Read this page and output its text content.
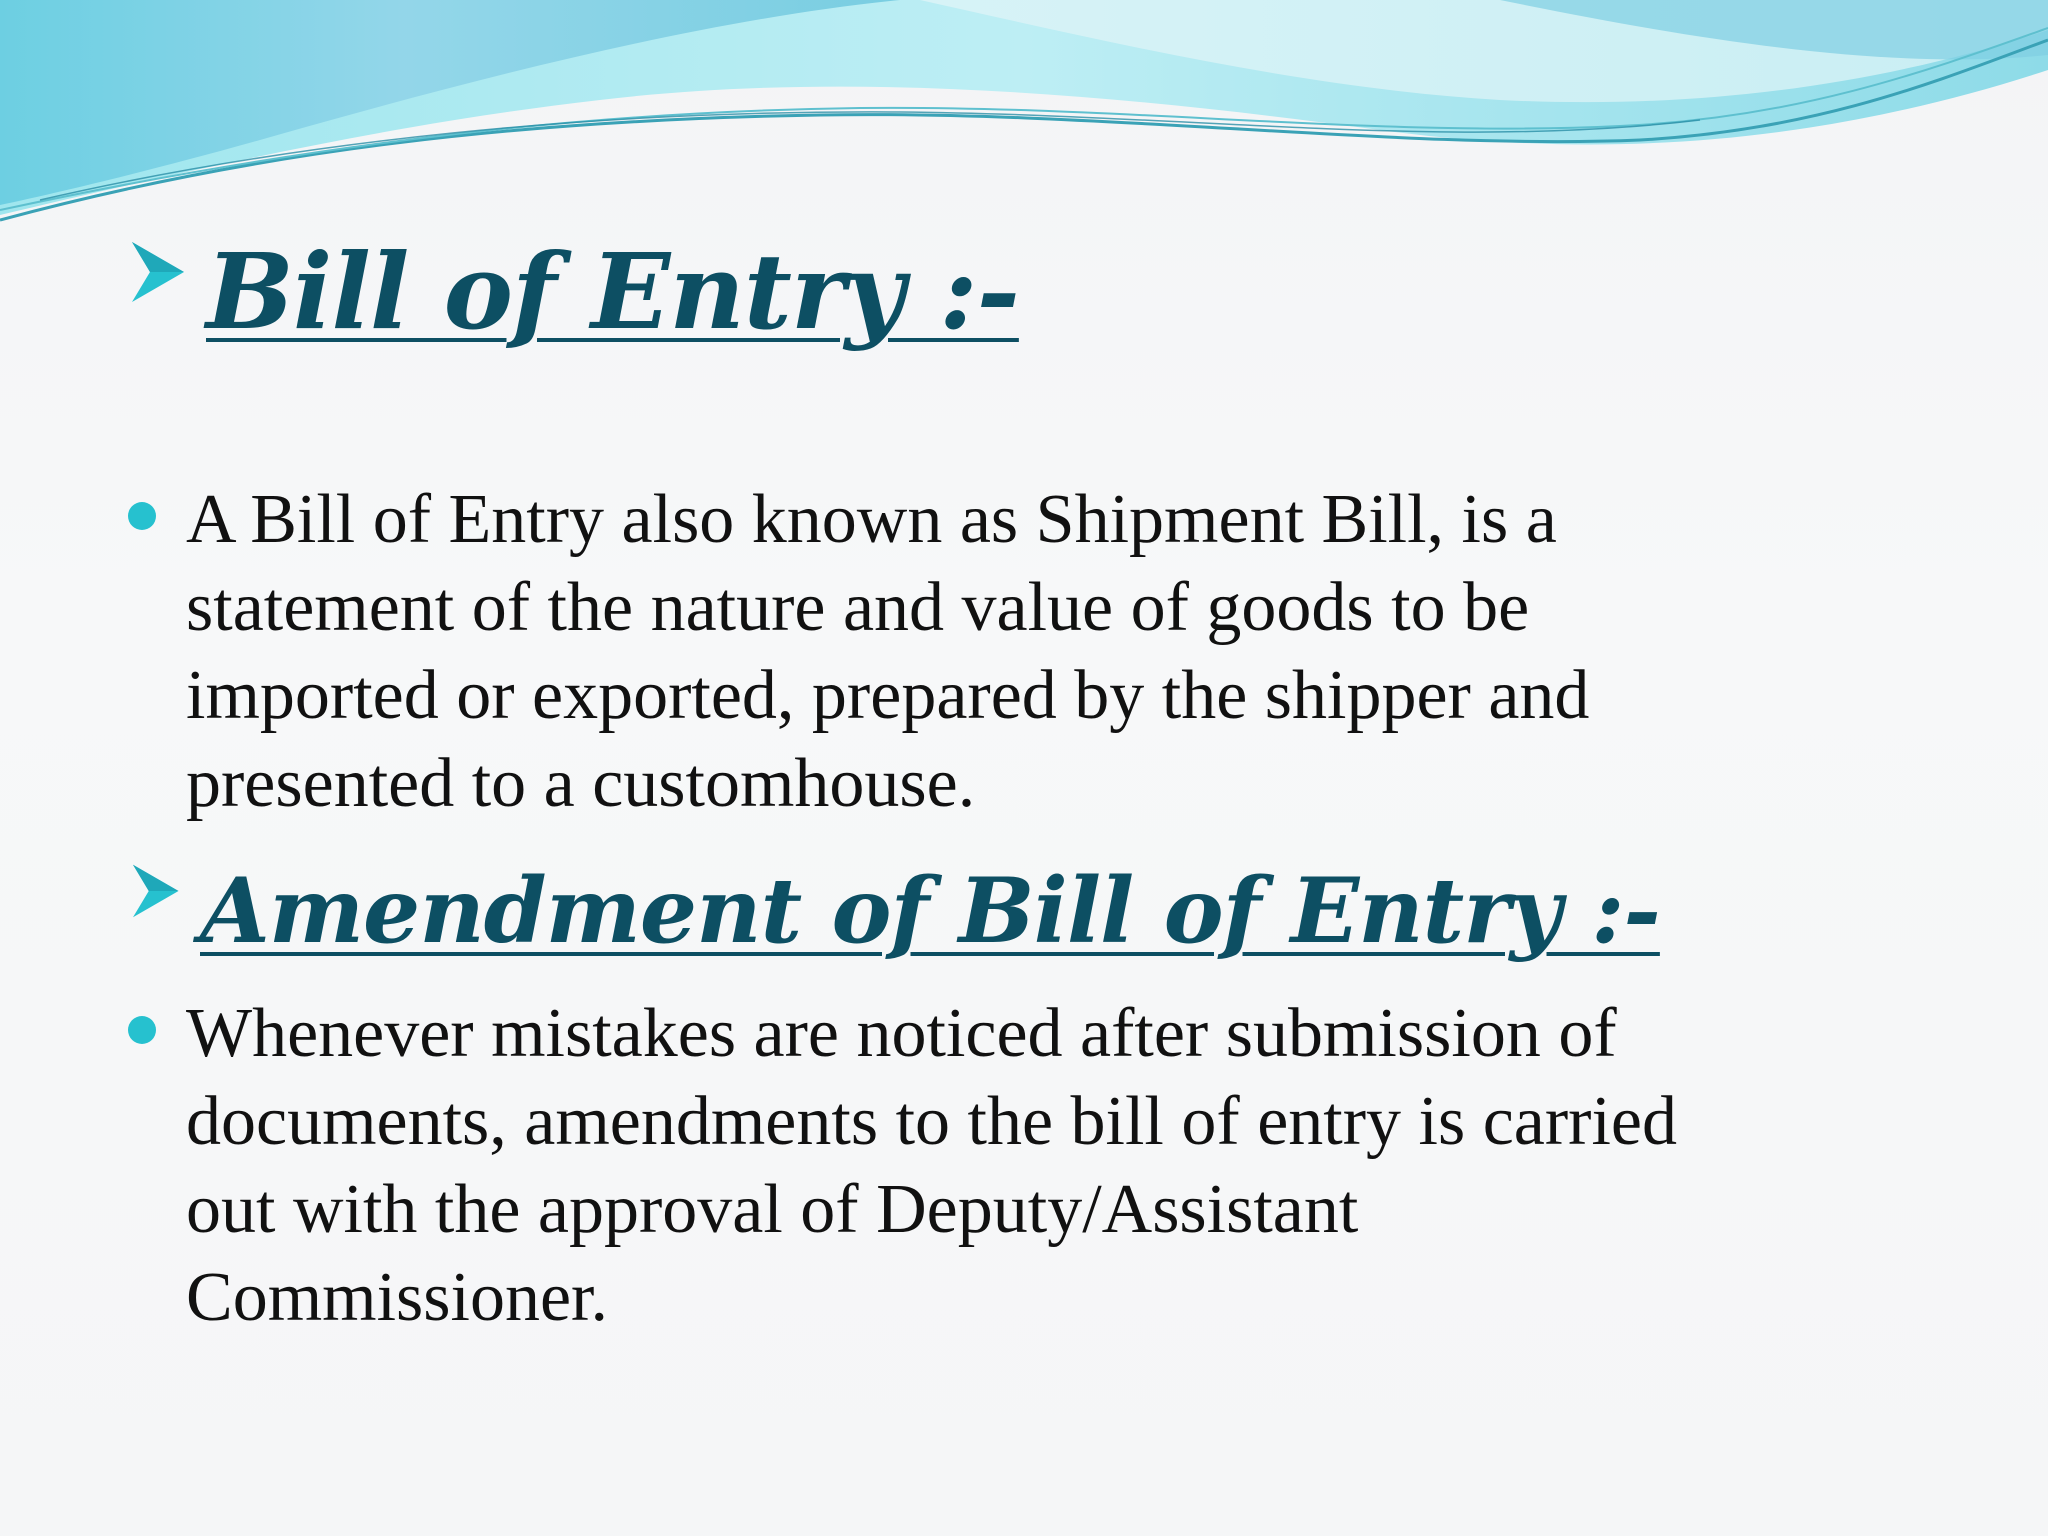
Bill of Entry :-
A Bill of Entry also known as Shipment Bill, is a
statement of the nature and value of goods to be
imported or exported, prepared by the shipper and
presented to a customhouse.
Amendment of Bill of Entry :-
Whenever mistakes are noticed after submission of
documents, amendments to the bill of entry is carried
out with the approval of Deputy/Assistant
Commissioner.
